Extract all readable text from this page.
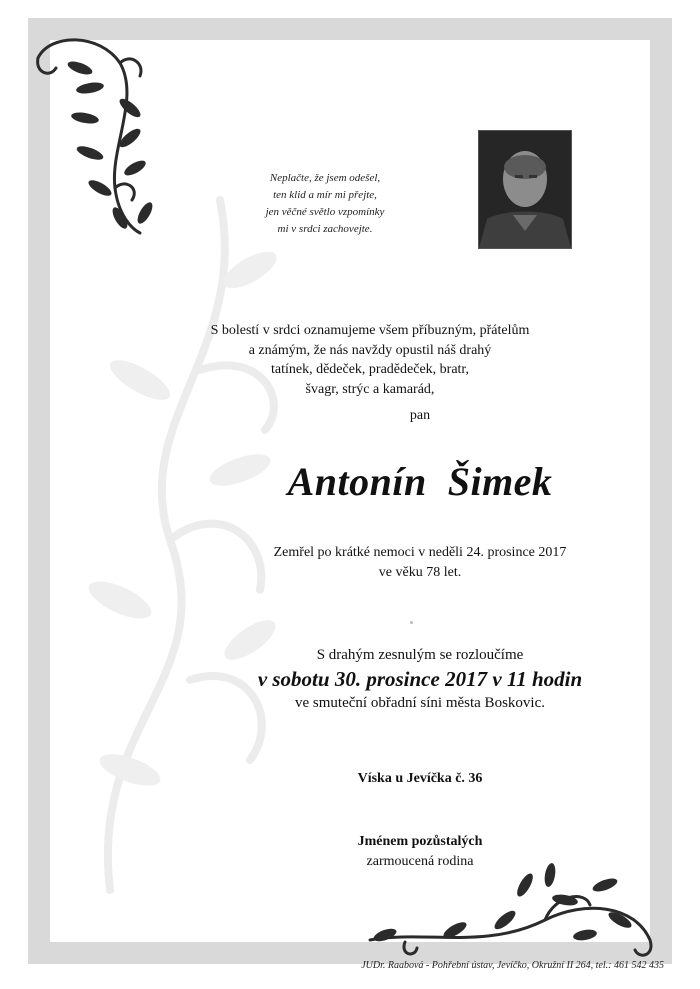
Neplačte, že jsem odešel,
ten klid a mír mi přejte,
jen věčné světlo vzpomínky
mi v srdci zachovejte.
S bolestí v srdci oznamujeme všem příbuzným, přátelům
a známým, že nás navždy opustil náš drahý
tatínek, dědeček, pradědeček, bratr,
švagr, strýc a kamarád,
pan
Antonín  Šimek
Zemřel po krátké nemoci v neděli 24. prosince 2017
ve věku 78 let.
S drahým zesnulým se rozloučíme
v sobotu 30. prosince 2017 v 11 hodin
ve smuteční obřadní síni města Boskovic.
Víska u Jevíčka č. 36
Jménem pozůstalých
zarmoucená rodina
JUDr. Raabová - Pohřební ústav, Jevíčko, Okružní II 264, tel.: 461 542 435
